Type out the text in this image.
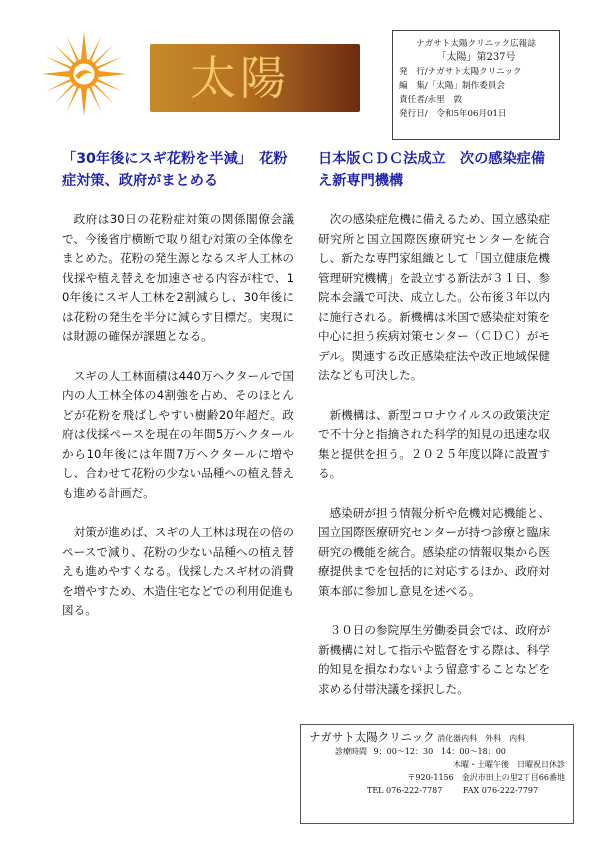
太陽
ナガサト太陽クリニック広報誌
「太陽」第237号
発　行/ナガサト太陽クリニック
編　集/「太陽」制作委員会
責任者/永里　敦
発行日/　令和5年06月01日
「30年後にスギ花粉を半減」　花粉症対策、政府がまとめる

政府は30日の花粉症対策の関係閣僚会議で、今後省庁横断で取り組む対策の全体像をまとめた。花粉の発生源となるスギ人工林の伐採や植え替えを加速させる内容が柱で、10年後にスギ人工林を2割減らし、30年後には花粉の発生を半分に減らす目標だ。実現には財源の確保が課題となる。

スギの人工林面積は440万ヘクタールで国内の人工林全体の4割強を占め、そのほとんどが花粉を飛ばしやすい樹齢20年超だ。政府は伐採ペースを現在の年間5万ヘクタールから10年後には年間7万ヘクタールに増やし、合わせて花粉の少ない品種への植え替えも進める計画だ。

対策が進めば、スギの人工林は現在の倍のペースで減り、花粉の少ない品種への植え替えも進めやすくなる。伐採したスギ材の消費を増やすため、木造住宅などでの利用促進も図る。

日本版ＣＤＣ法成立　次の感染症備え新専門機構

次の感染症危機に備えるため、国立感染症研究所と国立国際医療研究センターを統合し、新たな専門家組織として「国立健康危機管理研究機構」を設立する新法が３１日、参院本会議で可決、成立した。公布後３年以内に施行される。新機構は米国で感染症対策を中心に担う疾病対策センター（ＣＤＣ）がモデル。関連する改正感染症法や改正地域保健法なども可決した。

新機構は、新型コロナウイルスの政策決定で不十分と指摘された科学的知見の迅速な収集と提供を担う。２０２５年度以降に設置する。

感染研が担う情報分析や危機対応機能と、国立国際医療研究センターが持つ診療と臨床研究の機能を統合。感染症の情報収集から医療提供までを包括的に対応するほか、政府対策本部に参加し意見を述べる。

３０日の参院厚生労働委員会では、政府が新機構に対して指示や監督をする際は、科学的知見を損なわないよう留意することなどを求める付帯決議を採択した。

ナガサト太陽クリニック 消化器内科　外科　内科
診療時間 9：00～12：30　14：00～18：00
木曜・土曜午後　日曜祝日休診
〒920-1156　金沢市田上の里2丁目66番地
TEL 076-222-7787	FAX 076-222-7797
